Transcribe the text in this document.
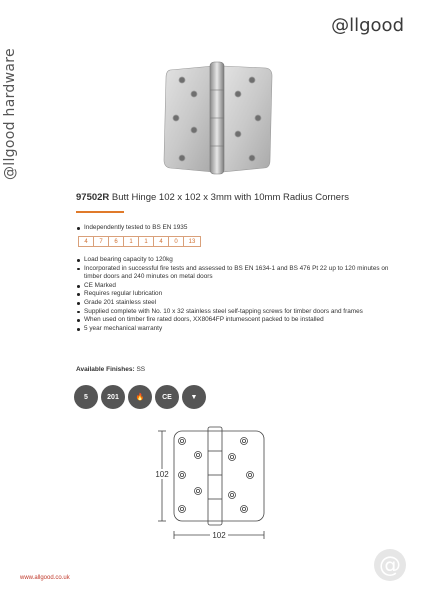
@llgood hardware
@llgood
97502R Butt Hinge 102 x 102 x 3mm with 10mm Radius Corners
Independently tested to BS EN 1935
4	7	6	1	1	4	0	13
Load bearing capacity to 120kg
Incorporated in successful fire tests and assessed to BS EN 1634-1 and BS 476 Pt 22 up to 120 minutes on timber doors and 240 minutes on metal doors
CE Marked
Requires regular lubrication
Grade 201 stainless steel
Supplied complete with No. 10 x 32 stainless steel self-tapping screws for timber doors and frames
When used on timber fire rated doors, XX8064FP intumescent packed to be installed
5 year mechanical warranty
Available Finishes: SS
5	201	🔥	CE	▼
102
102
www.allgood.co.uk
@
